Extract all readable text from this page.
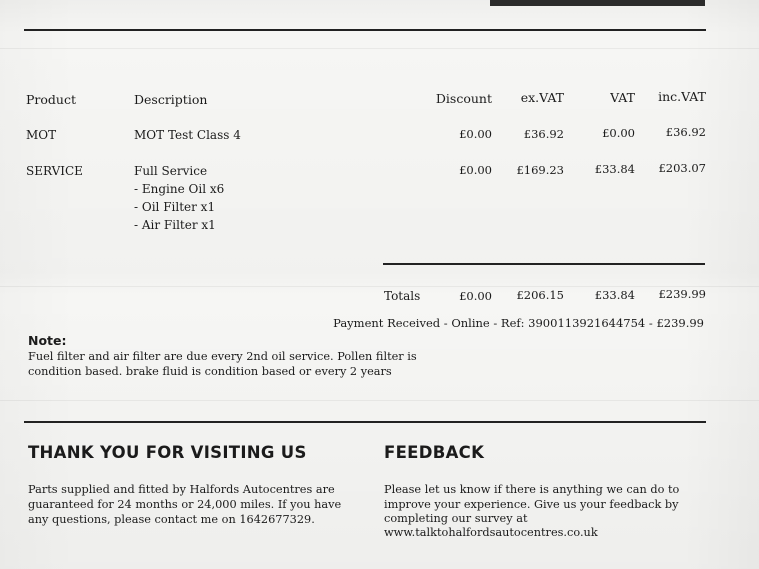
Product	Description	Discount	ex.VAT	VAT	inc.VAT
MOT	MOT Test Class 4	£0.00	£36.92	£0.00	£36.92
SERVICE	Full Service
- Engine Oil x6
- Oil Filter x1
- Air Filter x1
£0.00	£169.23	£33.84	£203.07
Totals	£0.00	£206.15	£33.84	£239.99
Payment Received - Online - Ref: 3900113921644754 - £239.99
Note:
Fuel filter and air filter are due every 2nd oil service. Pollen filter is
condition based. brake fluid is condition based or every 2 years
THANK YOU FOR VISITING US
Parts supplied and fitted by Halfords Autocentres are
guaranteed for 24 months or 24,000 miles. If you have
any questions, please contact me on 1642677329.
FEEDBACK
Please let us know if there is anything we can do to
improve your experience. Give us your feedback by
completing our survey at
www.talktohalfordsautocentres.co.uk
